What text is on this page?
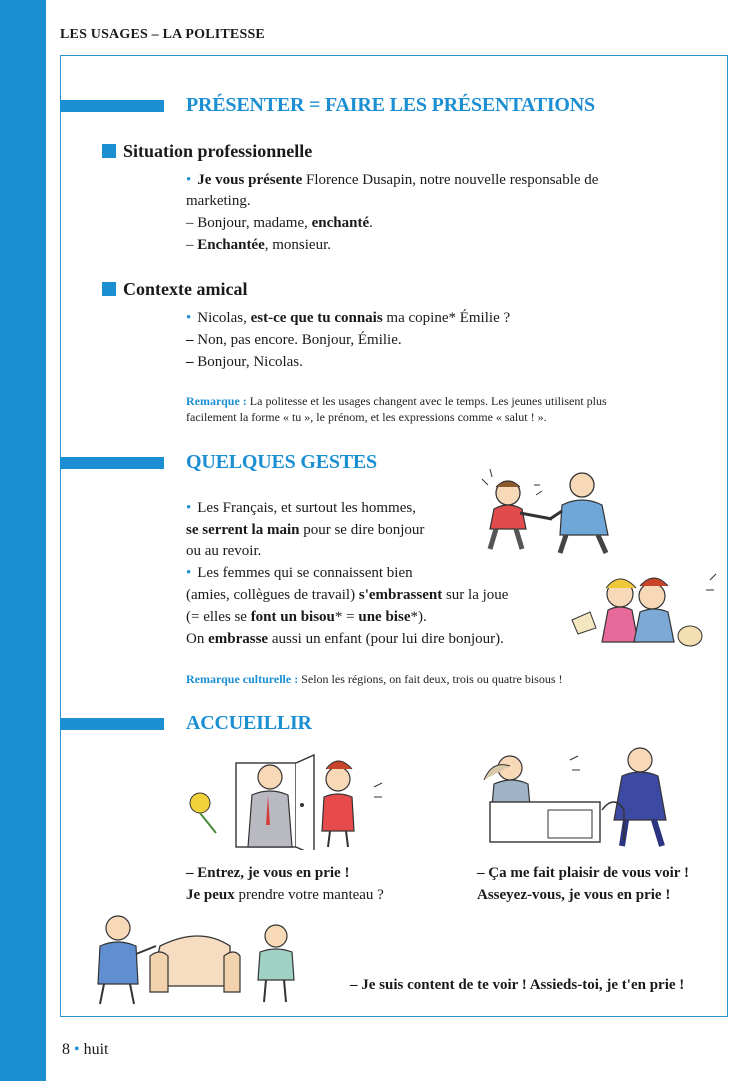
LES USAGES – LA POLITESSE
PRÉSENTER = FAIRE LES PRÉSENTATIONS
Situation professionnelle
• Je vous présente Florence Dusapin, notre nouvelle responsable de
marketing.
– Bonjour, madame, enchanté.
– Enchantée, monsieur.
Contexte amical
• Nicolas, est-ce que tu connais ma copine* Émilie ?
– Non, pas encore. Bonjour, Émilie.
– Bonjour, Nicolas.
Remarque : La politesse et les usages changent avec le temps. Les jeunes utilisent plus
facilement la forme « tu », le prénom, et les expressions comme « salut ! ».
QUELQUES GESTES
• Les Français, et surtout les hommes,
se serrent la main pour se dire bonjour
ou au revoir.
• Les femmes qui se connaissent bien
(amies, collègues de travail) s'embrassent sur la joue
(= elles se font un bisou* = une bise*).
On embrasse aussi un enfant (pour lui dire bonjour).
Remarque culturelle : Selon les régions, on fait deux, trois ou quatre bisous !
ACCUEILLIR
– Entrez, je vous en prie !
Je peux prendre votre manteau ?
– Ça me fait plaisir de vous voir !
Asseyez-vous, je vous en prie !
– Je suis content de te voir ! Assieds-toi, je t'en prie !
8 • huit
